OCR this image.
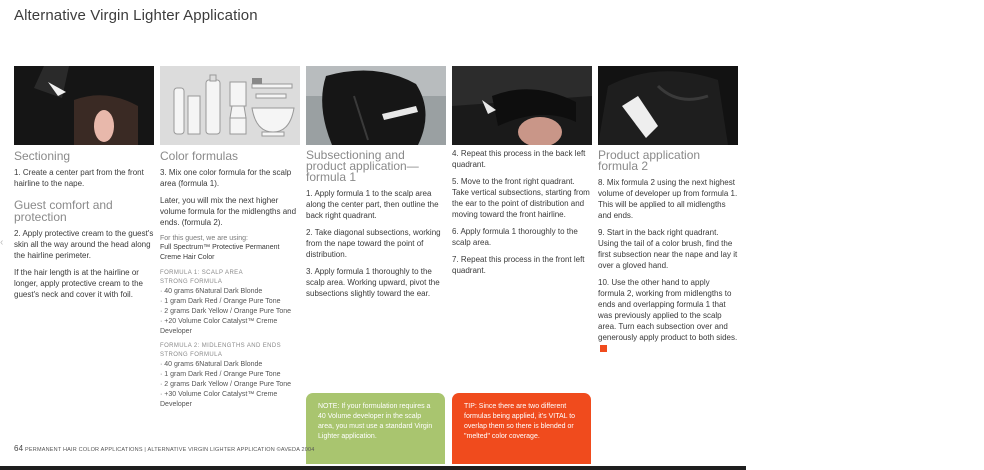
Alternative Virgin Lighter Application
‹
Sectioning

1. Create a center part from the front hairline to the nape.

Guest comfort and protection

2. Apply protective cream to the guest's skin all the way around the head along the hairline perimeter.

If the hair length is at the hairline or longer, apply protective cream to the guest's neck and cover it with foil.

Color formulas

3. Mix one color formula for the scalp area (formula 1).

Later, you will mix the next higher volume formula for the midlengths and ends. (formula 2).

For this guest, we are using:

Full Spectrum™ Protective Permanent Creme Hair Color

FORMULA 1: SCALP AREA
STRONG FORMULA
· 40 grams 6Natural Dark Blonde
· 1 gram Dark Red / Orange Pure Tone
· 2 grams Dark Yellow / Orange Pure Tone
· +20 Volume Color Catalyst™ Creme Developer
FORMULA 2: MIDLENGTHS AND ENDS
STRONG FORMULA
· 40 grams 6Natural Dark Blonde
· 1 gram Dark Red / Orange Pure Tone
· 2 grams Dark Yellow / Orange Pure Tone
· +30 Volume Color Catalyst™ Creme Developer
Subsectioning and product application—formula 1

1. Apply formula 1 to the scalp area along the center part, then outline the back right quadrant.

2. Take diagonal subsections, working from the nape toward the point of distribution.

3. Apply formula 1 thoroughly to the scalp area. Working upward, pivot the subsections slightly toward the ear.

NOTE: If your formulation requires a 40 Volume developer in the scalp area, you must use a standard Virgin Lighter application.

4. Repeat this process in the back left quadrant.

5. Move to the front right quadrant. Take vertical subsections, starting from the ear to the point of distribution and moving toward the front hairline.

6. Apply formula 1 thoroughly to the scalp area.

7. Repeat this process in the front left quadrant.

TIP: Since there are two different formulas being applied, it's VITAL to overlap them so there is blended or "melted" color coverage.
Product application formula 2

8. Mix formula 2 using the next highest volume of developer up from formula 1. This will be applied to all midlengths and ends.

9. Start in the back right quadrant. Using the tail of a color brush, find the first subsection near the nape and lay it over a gloved hand.

10. Use the other hand to apply formula 2, working from midlengths to ends and overlapping formula 1 that was previously applied to the scalp area. Turn each subsection over and generously apply product to both sides.

64 PERMANENT HAIR COLOR APPLICATIONS | ALTERNATIVE VIRGIN LIGHTER APPLICATION ©AVEDA 2004
